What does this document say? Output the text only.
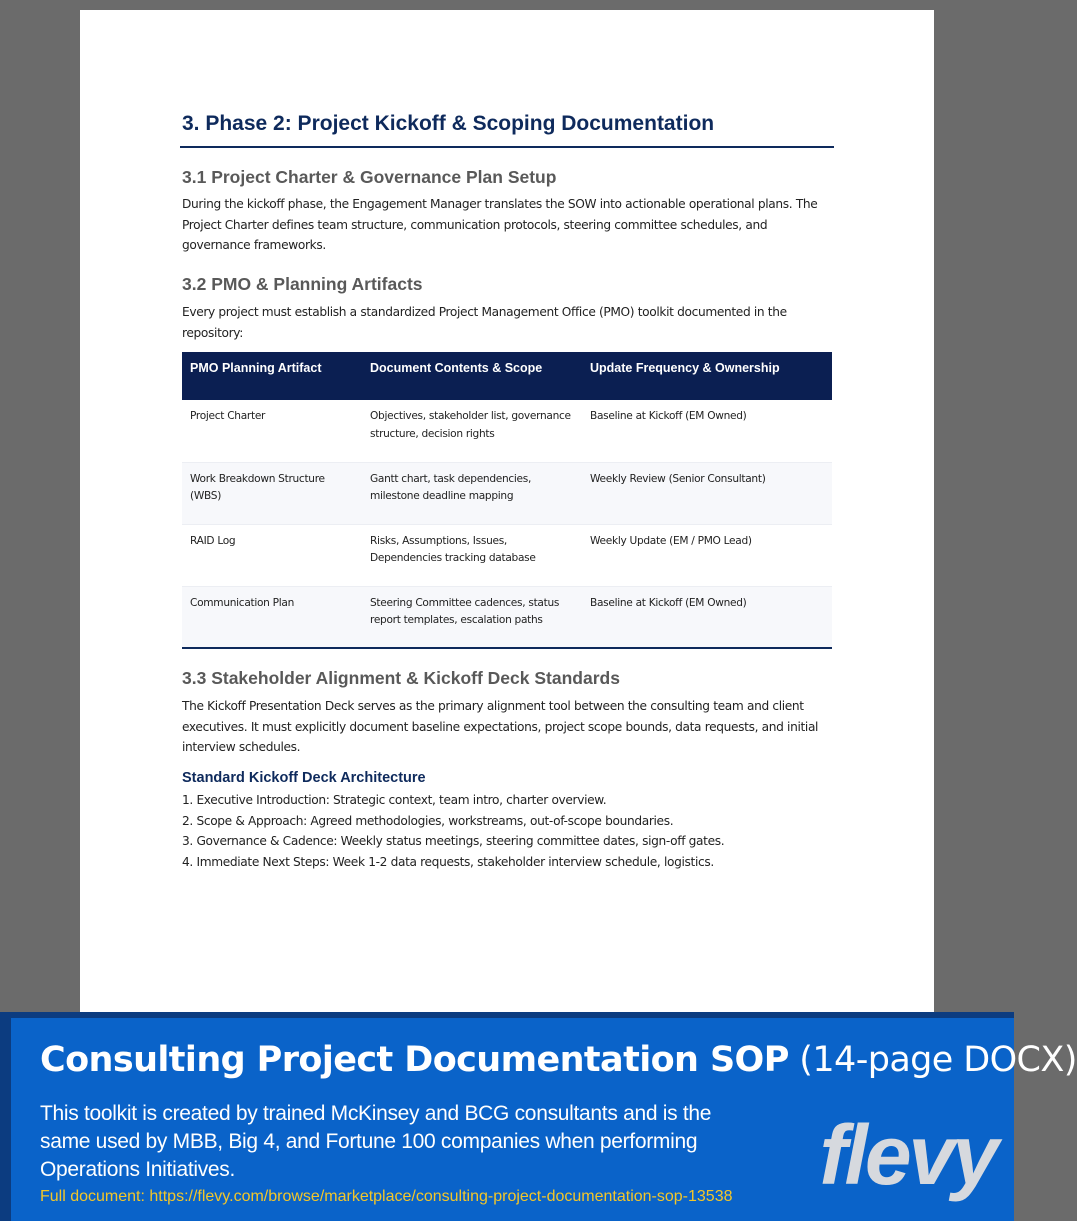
3. Phase 2: Project Kickoff & Scoping Documentation
3.1 Project Charter & Governance Plan Setup
During the kickoff phase, the Engagement Manager translates the SOW into actionable operational plans. The Project Charter defines team structure, communication protocols, steering committee schedules, and governance frameworks.
3.2 PMO & Planning Artifacts
Every project must establish a standardized Project Management Office (PMO) toolkit documented in the repository:
PMO Planning Artifact	Document Contents & Scope	Update Frequency & Ownership
Project Charter	Objectives, stakeholder list, governance structure, decision rights	Baseline at Kickoff (EM Owned)
Work Breakdown Structure (WBS)	Gantt chart, task dependencies, milestone deadline mapping	Weekly Review (Senior Consultant)
RAID Log	Risks, Assumptions, Issues, Dependencies tracking database	Weekly Update (EM / PMO Lead)
Communication Plan	Steering Committee cadences, status report templates, escalation paths	Baseline at Kickoff (EM Owned)
3.3 Stakeholder Alignment & Kickoff Deck Standards
The Kickoff Presentation Deck serves as the primary alignment tool between the consulting team and client executives. It must explicitly document baseline expectations, project scope bounds, data requests, and initial interview schedules.
Standard Kickoff Deck Architecture
1. Executive Introduction: Strategic context, team intro, charter overview.
2. Scope & Approach: Agreed methodologies, workstreams, out-of-scope boundaries.
3. Governance & Cadence: Weekly status meetings, steering committee dates, sign-off gates.
4. Immediate Next Steps: Week 1-2 data requests, stakeholder interview schedule, logistics.
Consulting Project Documentation SOP (14-page DOCX)
This toolkit is created by trained McKinsey and BCG consultants and is the same used by MBB, Big 4, and Fortune 100 companies when performing Operations Initiatives.
Full document: https://flevy.com/browse/marketplace/consulting-project-documentation-sop-13538 flevy
